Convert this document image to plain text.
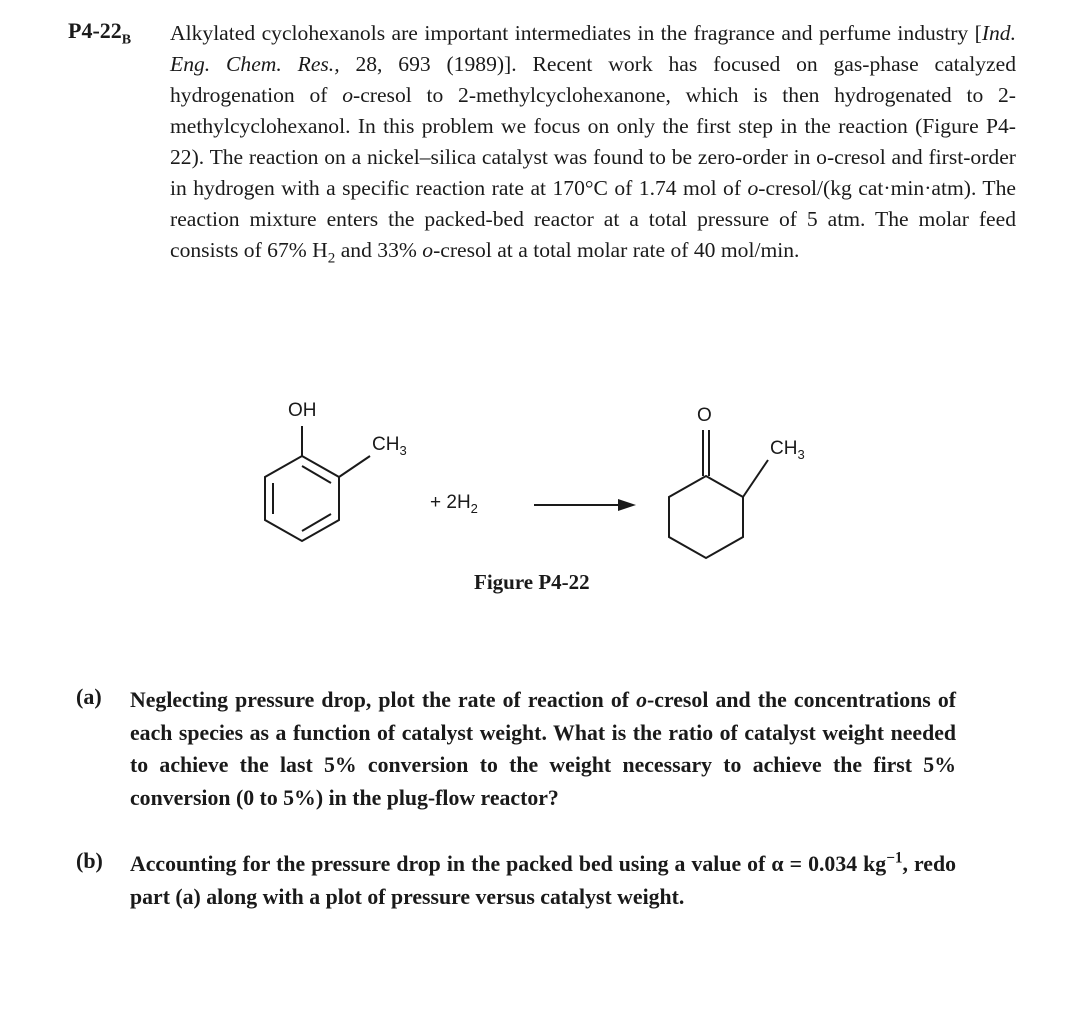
$P4-22_B$ Alkylated cyclohexanols are important intermediates in the fragrance and perfume industry [Ind. Eng. Chem. Res., 28, 693 (1989)]. Recent work has focused on gas-phase catalyzed hydrogenation of o-cresol to 2-methylcyclohexanone, which is then hydrogenated to 2-methylcyclohexanol. In this problem we focus on only the first step in the reaction (Figure P4-22). The reaction on a nickel–silica catalyst was found to be zero-order in o-cresol and first-order in hydrogen with a specific reaction rate at 170°C of 1.74 mol of o-cresol/(kg cat·min·atm). The reaction mixture enters the packed-bed reactor at a total pressure of 5 atm. The molar feed consists of 67% $H_2$ and 33% o-cresol at a total molar rate of 40 mol/min.

OH
$CH_3$
+ $2H_2$
O
$CH_3$
Figure P4-22
(a) Neglecting pressure drop, plot the rate of reaction of o-cresol and the concentrations of each species as a function of catalyst weight. What is the ratio of catalyst weight needed to achieve the last 5% conversion to the weight necessary to achieve the first 5% conversion (0 to 5%) in the plug-flow reactor?

(b) Accounting for the pressure drop in the packed bed using a value of α = 0.034 $kg^{-1}$, redo part (a) along with a plot of pressure versus catalyst weight.
